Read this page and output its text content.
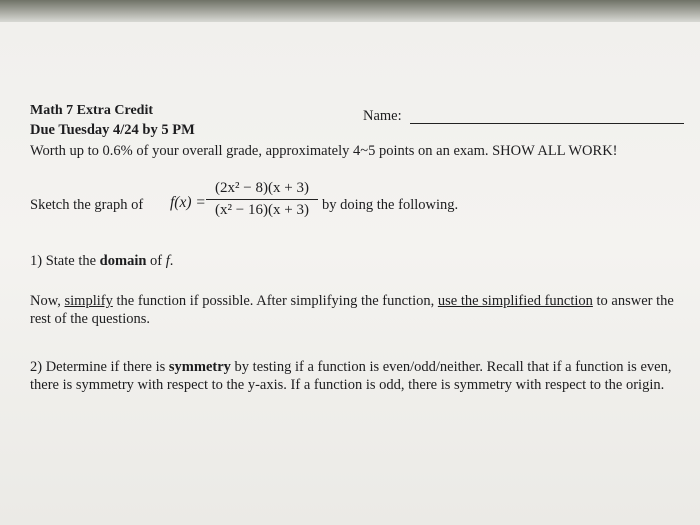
Math 7 Extra Credit
Due Tuesday 4/24 by 5 PM
Worth up to 0.6% of your overall grade, approximately 4~5 points on an exam. SHOW ALL WORK!
Name:
Sketch the graph of $f(x) = \frac{\text{(2x² − 8)(x + 3)}}{\text{(x² − 16)(x + 3)}}$ by doing the following.
1) State the domain of f.
Now, simplify the function if possible. After simplifying the function, use the simplified function to answer the rest of the questions.
2) Determine if there is symmetry by testing if a function is even/odd/neither. Recall that if a function is even, there is symmetry with respect to the y-axis. If a function is odd, there is symmetry with respect to the origin.
